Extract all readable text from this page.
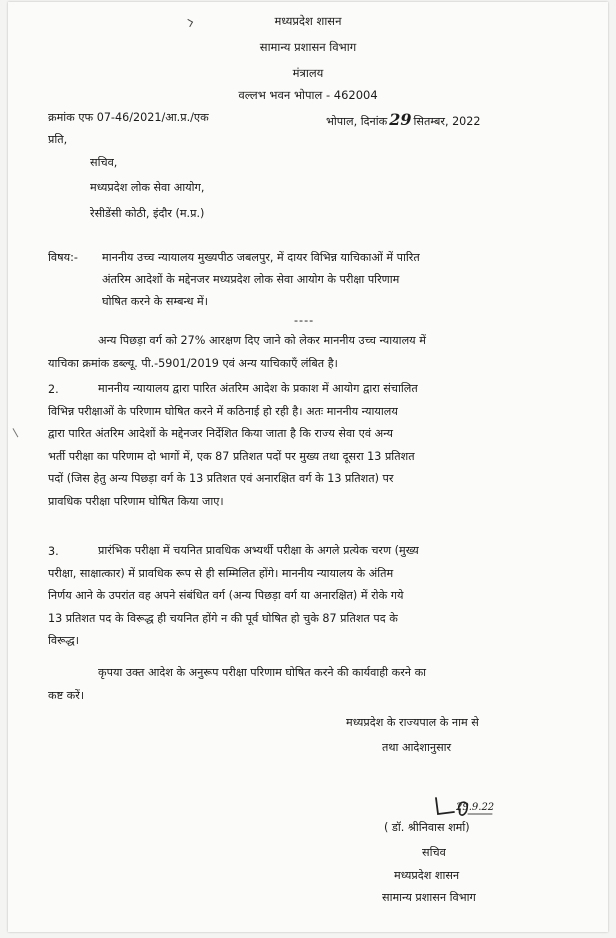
मध्यप्रदेश शासन
सामान्य प्रशासन विभाग
मंत्रालय
वल्लभ भवन भोपाल - 462004
क्रमांक एफ 07-46/2021/आ.प्र./एक	भोपाल, दिनांक 29 सितम्बर, 2022
प्रति,
सचिव,
मध्यप्रदेश लोक सेवा आयोग,
रेसीडेंसी कोठी, इंदौर (म.प्र.)
विषय:- माननीय उच्च न्यायालय मुख्यपीठ जबलपुर, में दायर विभिन्न याचिकाओं में पारित
अंतरिम आदेशों के मद्देनजर मध्यप्रदेश लोक सेवा आयोग के परीक्षा परिणाम
घोषित करने के सम्बन्ध में।
----
अन्य पिछड़ा वर्ग को 27% आरक्षण दिए जाने को लेकर माननीय उच्च न्यायालय में
याचिका क्रमांक डब्ल्यू. पी.-5901/2019 एवं अन्य याचिकाएँ लंबित है।
2.	माननीय न्यायालय द्वारा पारित अंतरिम आदेश के प्रकाश में आयोग द्वारा संचालित
विभिन्न परीक्षाओं के परिणाम घोषित करने में कठिनाई हो रही है। अतः माननीय न्यायालय
द्वारा पारित अंतरिम आदेशों के मद्देनजर निर्देशित किया जाता है कि राज्य सेवा एवं अन्य
भर्ती परीक्षा का परिणाम दो भागों में, एक 87 प्रतिशत पदों पर मुख्य तथा दूसरा 13 प्रतिशत
पदों (जिस हेतु अन्य पिछड़ा वर्ग के 13 प्रतिशत एवं अनारक्षित वर्ग के 13 प्रतिशत) पर
प्रावधिक परीक्षा परिणाम घोषित किया जाए।
3.	प्रारंभिक परीक्षा में चयनित प्रावधिक अभ्यर्थी परीक्षा के अगले प्रत्येक चरण (मुख्य
परीक्षा, साक्षात्कार) में प्रावधिक रूप से ही सम्मिलित होंगे। माननीय न्यायालय के अंतिम
निर्णय आने के उपरांत वह अपने संबंधित वर्ग (अन्य पिछड़ा वर्ग या अनारक्षित) में रोके गये
13 प्रतिशत पद के विरूद्ध ही चयनित होंगे न की पूर्व घोषित हो चुके 87 प्रतिशत पद के
विरूद्ध।
कृपया उक्त आदेश के अनुरूप परीक्षा परिणाम घोषित करने की कार्यवाही करने का
कष्ट करें।
मध्यप्रदेश के राज्यपाल के नाम से
तथा आदेशानुसार
29.9.22
( डॉ. श्रीनिवास शर्मा)
सचिव
मध्यप्रदेश शासन
सामान्य प्रशासन विभाग
